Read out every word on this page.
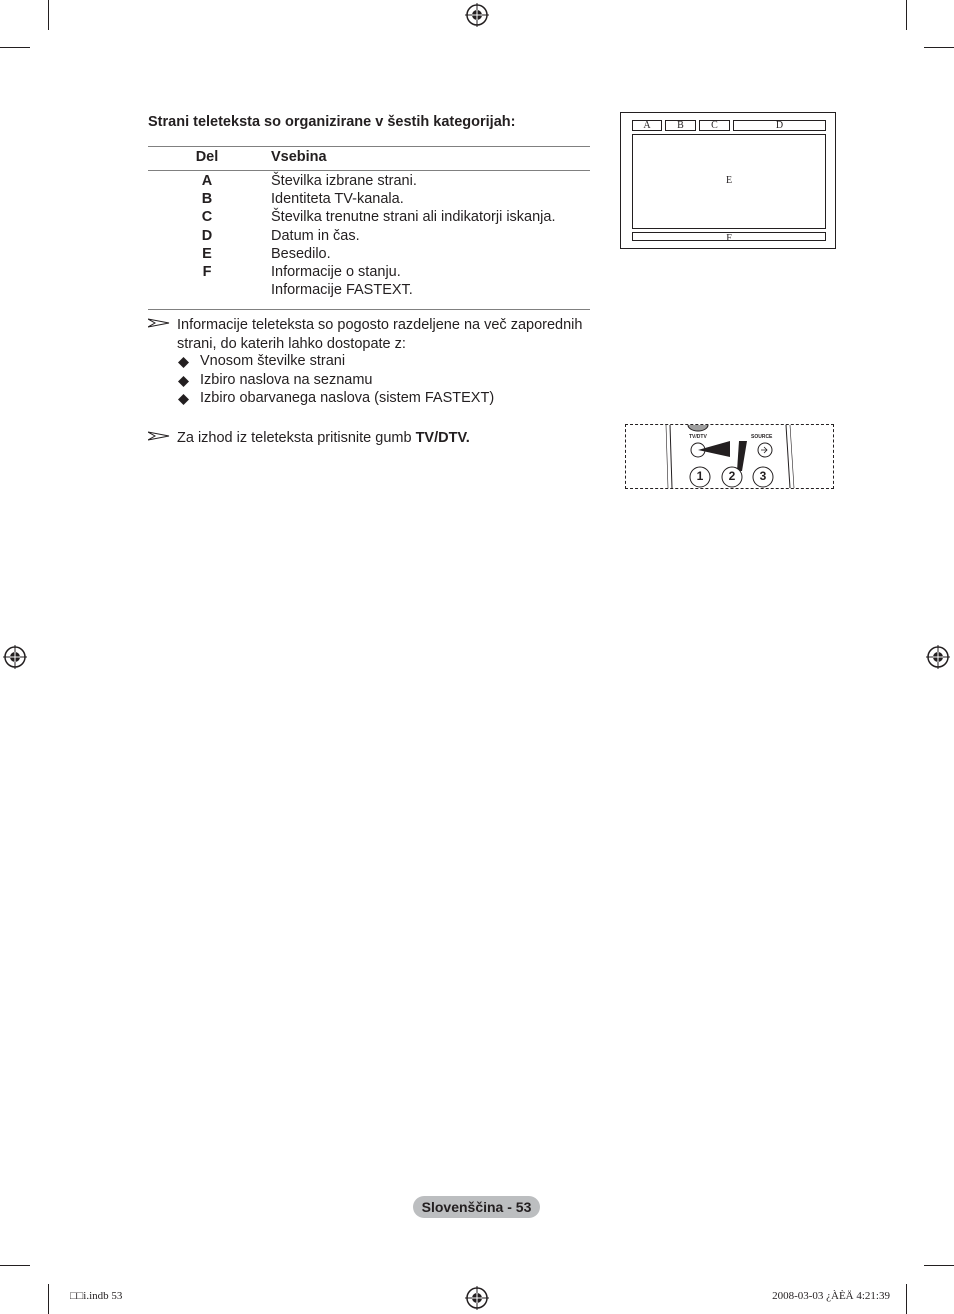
Strani teleteksta so organizirane v šestih kategorijah:
Del	Vsebina
A	Številka izbrane strani.
B	Identiteta TV-kanala.
C	Številka trenutne strani ali indikatorji iskanja.
D	Datum in čas.
E	Besedilo.
F	Informacije o stanju.
Informacije FASTEXT.
Informacije teleteksta so pogosto razdeljene na več zaporednih strani, do katerih lahko dostopate z:
Vnosom številke strani
Izbiro naslova na seznamu
Izbiro obarvanega naslova (sistem FASTEXT)
Za izhod iz teleteksta pritisnite gumb TV/DTV.
A	B	C	D
E
F
TV/DTV	SOURCE
1	2	3
Slovenščina - 53
□□i.indb 53	2008-03-03 ¿ÀÈÄ 4:21:39
